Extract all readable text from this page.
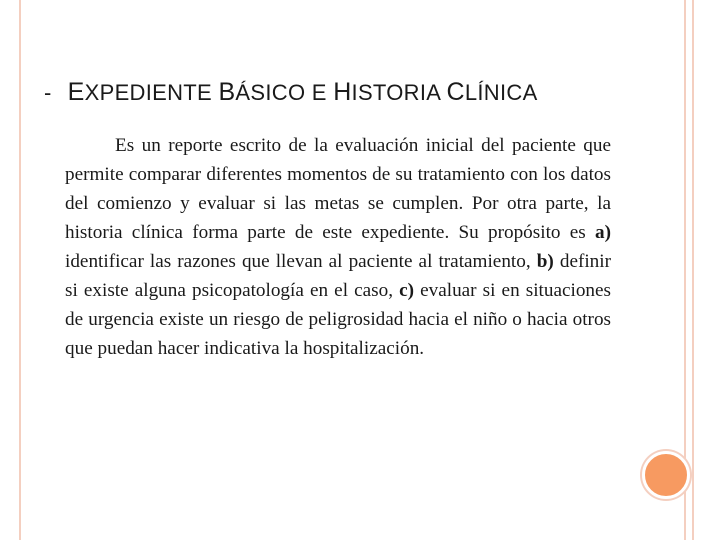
- EXPEDIENTE BÁSICO E HISTORIA CLÍNICA

Es un reporte escrito de la evaluación inicial del paciente que permite comparar diferentes momentos de su tratamiento con los datos del comienzo y evaluar si las metas se cumplen. Por otra parte, la historia clínica forma parte de este expediente. Su propósito es a) identificar las razones que llevan al paciente al tratamiento, b) definir si existe alguna psicopatología en el caso, c) evaluar si en situaciones de urgencia existe un riesgo de peligrosidad hacia el niño o hacia otros que puedan hacer indicativa la hospitalización.
